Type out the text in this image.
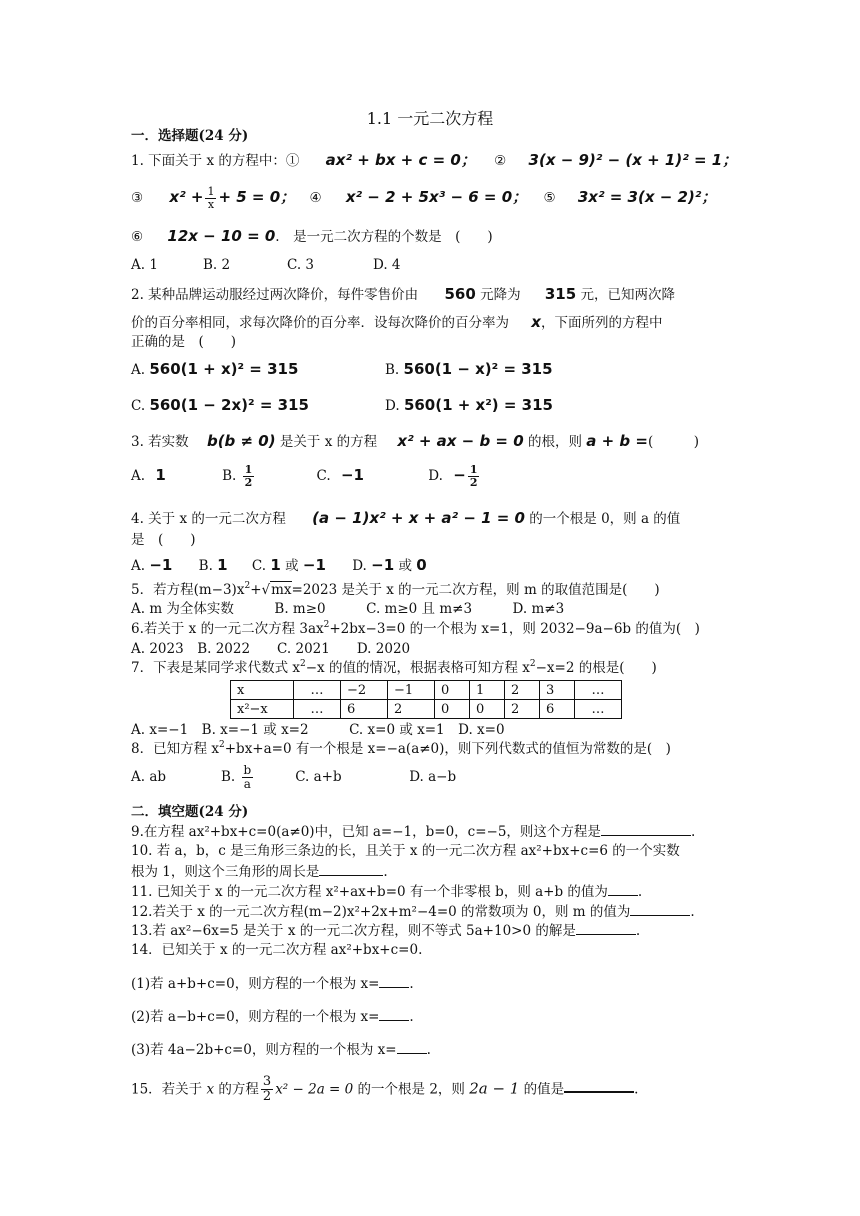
1.1 一元二次方程
一．选择题(24 分)
1. 下面关于 x 的方程中：① ax² + bx + c = 0； ② 3(x − 9)² − (x + 1)² = 1；
③ $x^2 + \frac{1}{x} + 5 = 0$； ④ x² − 2 + 5x³ − 6 = 0； ⑤ 3x² = 3(x − 2)²；
⑥ 12x − 10 = 0.　是一元二次方程的个数是　(　　)
A. 1	B. 2	C. 3	D. 4
2. 某种品牌运动服经过两次降价，每件零售价由 560 元降为 315 元，已知两次降
价的百分率相同，求每次降价的百分率．设每次降价的百分率为 x，下面所列的方程中
正确的是　(　　)
A. 560(1 + x)² = 315	B. 560(1 − x)² = 315
C. 560(1 − 2x)² = 315	D. 560(1 + x²) = 315
3. 若实数 b(b ≠ 0) 是关于 x 的方程 x² + ax − b = 0 的根，则 a + b =(　　　)
A. 1	B. $\frac{1}{2}$	C. −1	D. − $\frac{1}{2}$
4. 关于 x 的一元二次方程 (a − 1)x² + x + a² − 1 = 0 的一个根是 0，则 a 的值
是　(　　)
A. −1 B. 1 C. 1 或 −1 D. −1 或 0
5．若方程$(m-3)x^2+√mx=2023$ 是关于 x 的一元二次方程，则 m 的取值范围是(　　)
A. m 为全体实数　　　B. m≥0　　　C. m≥0 且 m≠3　　　D. m≠3
6.若关于 x 的一元二次方程 $3ax^2+2bx-3=0$ 的一个根为 x=1，则 2032−9a−6b 的值为(　)
A. 2023　B. 2022　　C. 2021　　D. 2020
7．下表是某同学求代数式 $x^2-x$ 的值的情况，根据表格可知方程 $x^2-x=2$ 的根是(　　)
x	…	−2	−1	0	1	2	3	…
x²−x	…	6	2	0	0	2	6	…
A. x=−1　B. x=−1 或 x=2　　　C. x=0 或 x=1　D. x=0
8．已知方程 $x^2+bx+a=0$ 有一个根是 x=−a(a≠0)，则下列代数式的值恒为常数的是(　)
A. ab	B. $\frac{b}{a}$	C. a+b	D. a−b
二．填空题(24 分)
9.在方程 ax²+bx+c=0(a≠0)中，已知 a=−1，b=0，c=−5，则这个方程是	.
10. 若 a，b，c 是三角形三条边的长，且关于 x 的一元二次方程 ax²+bx+c=6 的一个实数
根为 1，则这个三角形的周长是	.
11. 已知关于 x 的一元二次方程 x²+ax+b=0 有一个非零根 b，则 a+b 的值为 .
12.若关于 x 的一元二次方程(m−2)x²+2x+m²−4=0 的常数项为 0，则 m 的值为	.
13.若 ax²−6x=5 是关于 x 的一元二次方程，则不等式 5a+10>0 的解是	.
14．已知关于 x 的一元二次方程 ax²+bx+c=0.
(1)若 a+b+c=0，则方程的一个根为 x= .
(2)若 a−b+c=0，则方程的一个根为 x= .
(3)若 4a−2b+c=0，则方程的一个根为 x= .
15．若关于 x 的方程 $\frac{3}{2} x^2 - 2a = 0$ 的一个根是 2，则 2a − 1 的值是	.
